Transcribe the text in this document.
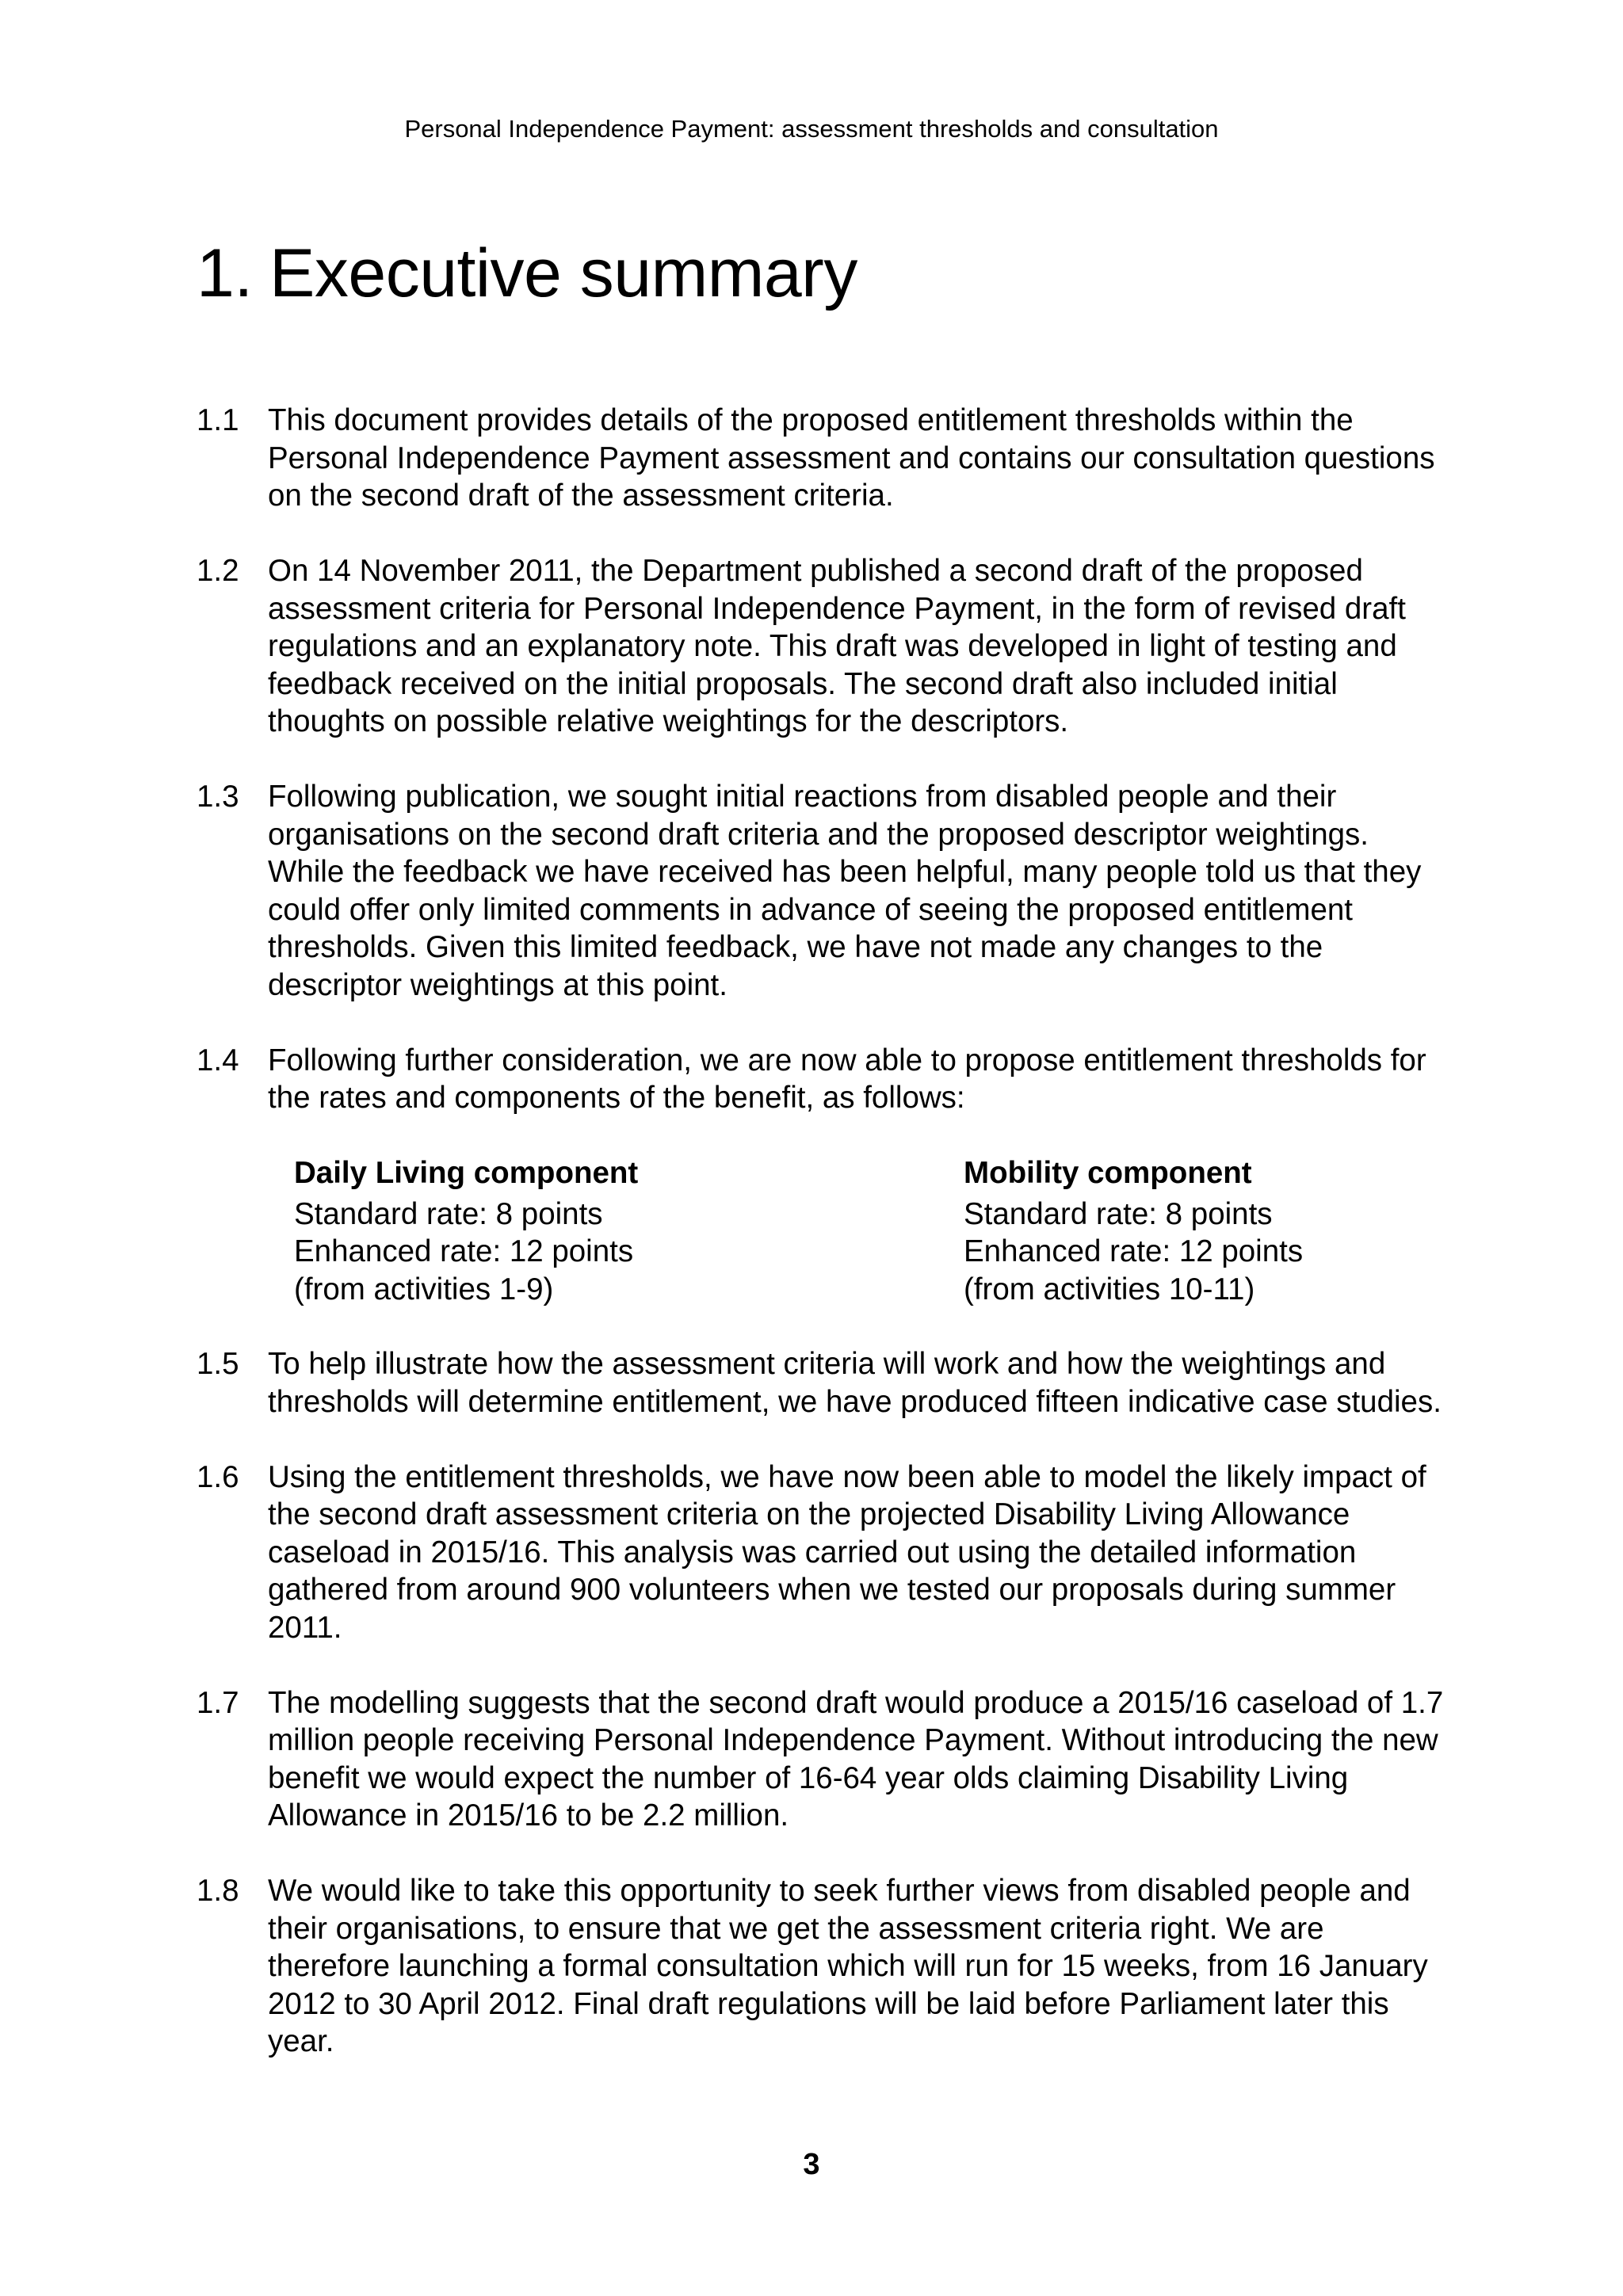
Personal Independence Payment: assessment thresholds and consultation
1. Executive summary
1.1 This document provides details of the proposed entitlement thresholds within the Personal Independence Payment assessment and contains our consultation questions on the second draft of the assessment criteria.
1.2 On 14 November 2011, the Department published a second draft of the proposed assessment criteria for Personal Independence Payment, in the form of revised draft regulations and an explanatory note. This draft was developed in light of testing and feedback received on the initial proposals. The second draft also included initial thoughts on possible relative weightings for the descriptors.
1.3 Following publication, we sought initial reactions from disabled people and their organisations on the second draft criteria and the proposed descriptor weightings. While the feedback we have received has been helpful, many people told us that they could offer only limited comments in advance of seeing the proposed entitlement thresholds. Given this limited feedback, we have not made any changes to the descriptor weightings at this point.
1.4 Following further consideration, we are now able to propose entitlement thresholds for the rates and components of the benefit, as follows:
Daily Living component
Standard rate: 8 points
Enhanced rate: 12 points
(from activities 1-9)
Mobility component
Standard rate: 8 points
Enhanced rate: 12 points
(from activities 10-11)
1.5 To help illustrate how the assessment criteria will work and how the weightings and thresholds will determine entitlement, we have produced fifteen indicative case studies.
1.6 Using the entitlement thresholds, we have now been able to model the likely impact of the second draft assessment criteria on the projected Disability Living Allowance caseload in 2015/16. This analysis was carried out using the detailed information gathered from around 900 volunteers when we tested our proposals during summer 2011.
1.7 The modelling suggests that the second draft would produce a 2015/16 caseload of 1.7 million people receiving Personal Independence Payment. Without introducing the new benefit we would expect the number of 16-64 year olds claiming Disability Living Allowance in 2015/16 to be 2.2 million.
1.8 We would like to take this opportunity to seek further views from disabled people and their organisations, to ensure that we get the assessment criteria right. We are therefore launching a formal consultation which will run for 15 weeks, from 16 January 2012 to 30 April 2012. Final draft regulations will be laid before Parliament later this year.
3
